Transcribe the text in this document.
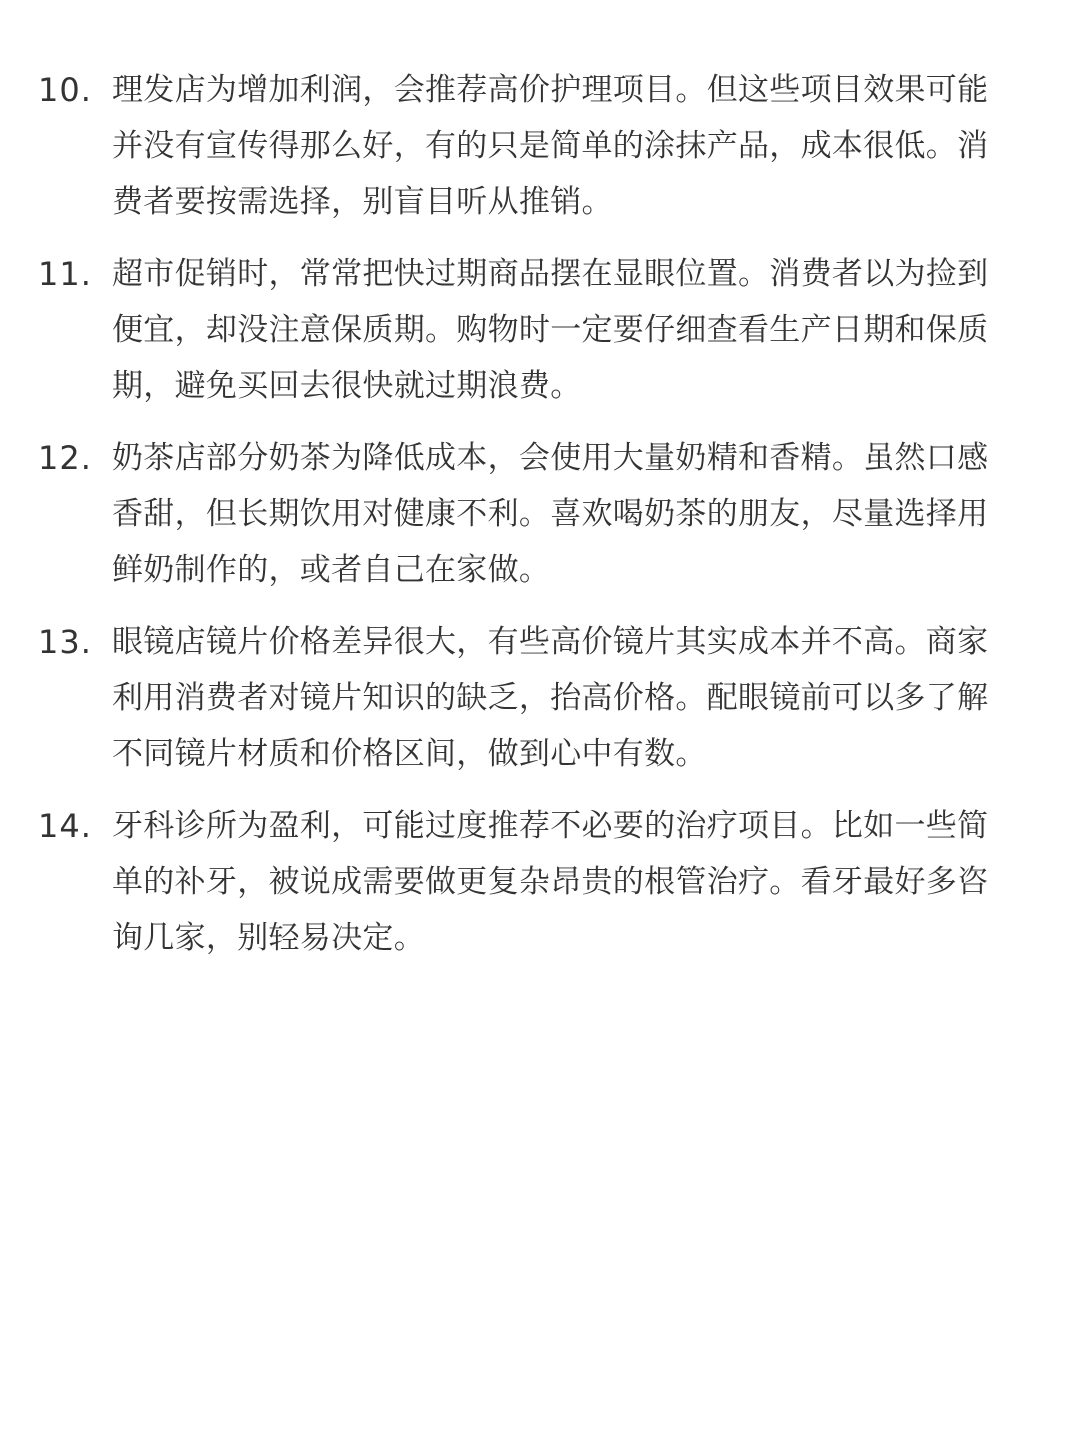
10. 理发店为增加利润，会推荐高价护理项目。但这些项目效果可能并没有宣传得那么好，有的只是简单的涂抹产品，成本很低。消费者要按需选择，别盲目听从推销。
11. 超市促销时，常常把快过期商品摆在显眼位置。消费者以为捡到便宜，却没注意保质期。购物时一定要仔细查看生产日期和保质期，避免买回去很快就过期浪费。
12. 奶茶店部分奶茶为降低成本，会使用大量奶精和香精。虽然口感香甜，但长期饮用对健康不利。喜欢喝奶茶的朋友，尽量选择用鲜奶制作的，或者自己在家做。
13. 眼镜店镜片价格差异很大，有些高价镜片其实成本并不高。商家利用消费者对镜片知识的缺乏，抬高价格。配眼镜前可以多了解不同镜片材质和价格区间，做到心中有数。
14. 牙科诊所为盈利，可能过度推荐不必要的治疗项目。比如一些简单的补牙，被说成需要做更复杂昂贵的根管治疗。看牙最好多咨询几家，别轻易决定。
